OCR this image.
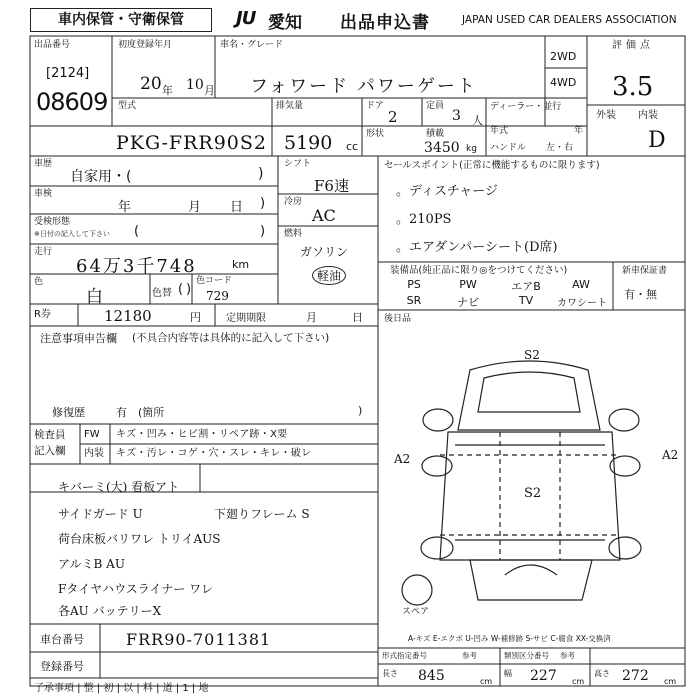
車内保管・守衛保管	JU 愛知 出品申込書	JAPAN USED CAR DEALERS ASSOCIATION
出品番号
[2124]
08609
初度登録年月
20 年 10 月
車名・グレード
フォワード パワーゲート
2WD
4WD
評価点
3.5
外装 内装
D
型式
PKG-FRR90S2
排気量
5190 cc
ドア
2
定員
3 人
形状	積載
3450 kg
ディーラー・並行
年式	年
ハンドル 左・右
車歴
自家用・(	)
車検
年	月 日 )
受検形態
※日付の記入して下さい (	)
走行
64万3千748	km
色
白	色替 ( )
色コード
729
シフト
F6速
冷房
AC
燃料
ガソリン
軽油
R券	12180	円	定期期限	月	日
セールスポイント(正常に機能するものに限ります)
。ディスチャージ
。210PS
。エアダンパーシート(D席)
装備品(純正品に限り◎をつけてください)
PS	PW	エアB	AW
SR	ナビ	TV	カワシート
新車保証書
有・無
後日品
注意事項申告欄 (不具合内容等は具体的に記入して下さい)
修復歴	有 (箇所	)
検査員
記入欄
FW キズ・凹み・ヒビ割・リペア跡・X要
内装 キズ・汚レ・コゲ・穴・スレ・キレ・破レ
キバーミ(大) 看板アト
サイドガード U
荷台床板バリワレ トリイAUS
アルミB AU
Fタイヤハウスライナー ワレ
各AU バッテリーX
下廻りフレーム S
S2
A2	A2
S2
スペア
A-キズ E-エクボ U-凹み W-補修跡 S-サビ C-腐食 XX-交換済
車台番号	FRR90-7011381
登録番号
形式指定番号	参考	類別区分番号 参考
長さ 845	cm
幅 227 cm
高さ 272 cm
了承事項 | 整 | 初 | 以 | 料 | 道 | 1 | 地
